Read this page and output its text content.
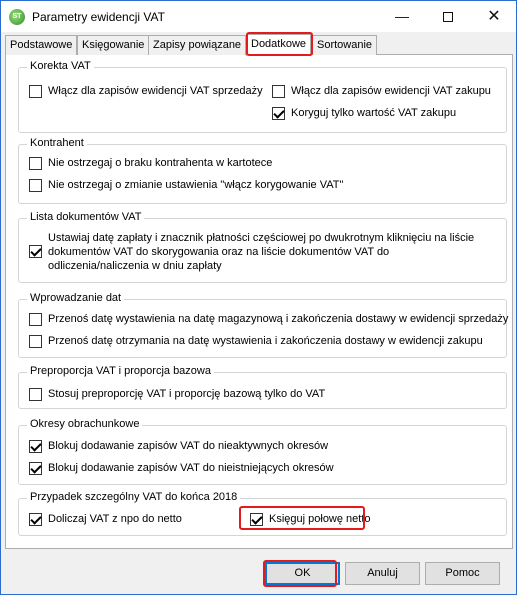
ST Parametry ewidencji VAT	—	✕
Korekta VAT
Włącz dla zapisów ewidencji VAT sprzedaży	Włącz dla zapisów ewidencji VAT zakupu
Koryguj tylko wartość VAT zakupu
Kontrahent
Nie ostrzegaj o braku kontrahenta w kartotece
Nie ostrzegaj o zmianie ustawienia "włącz korygowanie VAT"
Lista dokumentów VAT
Ustawiaj datę zapłaty i znacznik płatności częściowej po dwukrotnym kliknięciu na liście dokumentów VAT do skorygowania oraz na liście dokumentów VAT do odliczenia/naliczenia w dniu zapłaty
Wprowadzanie dat
Przenoś datę wystawienia na datę magazynową i zakończenia dostawy w ewidencji sprzedaży
Przenoś datę otrzymania na datę wystawienia i zakończenia dostawy w ewidencji zakupu
Preproporcja VAT i proporcja bazowa
Stosuj preproporcję VAT i proporcję bazową tylko do VAT
Okresy obrachunkowe
Blokuj dodawanie zapisów VAT do nieaktywnych okresów
Blokuj dodawanie zapisów VAT do nieistniejących okresów
Przypadek szczególny VAT do końca 2018
Doliczaj VAT z npo do netto	Księguj połowę netto
Podstawowe Księgowanie Zapisy powiązane Dodatkowe Sortowanie
OK	Anuluj	Pomoc
